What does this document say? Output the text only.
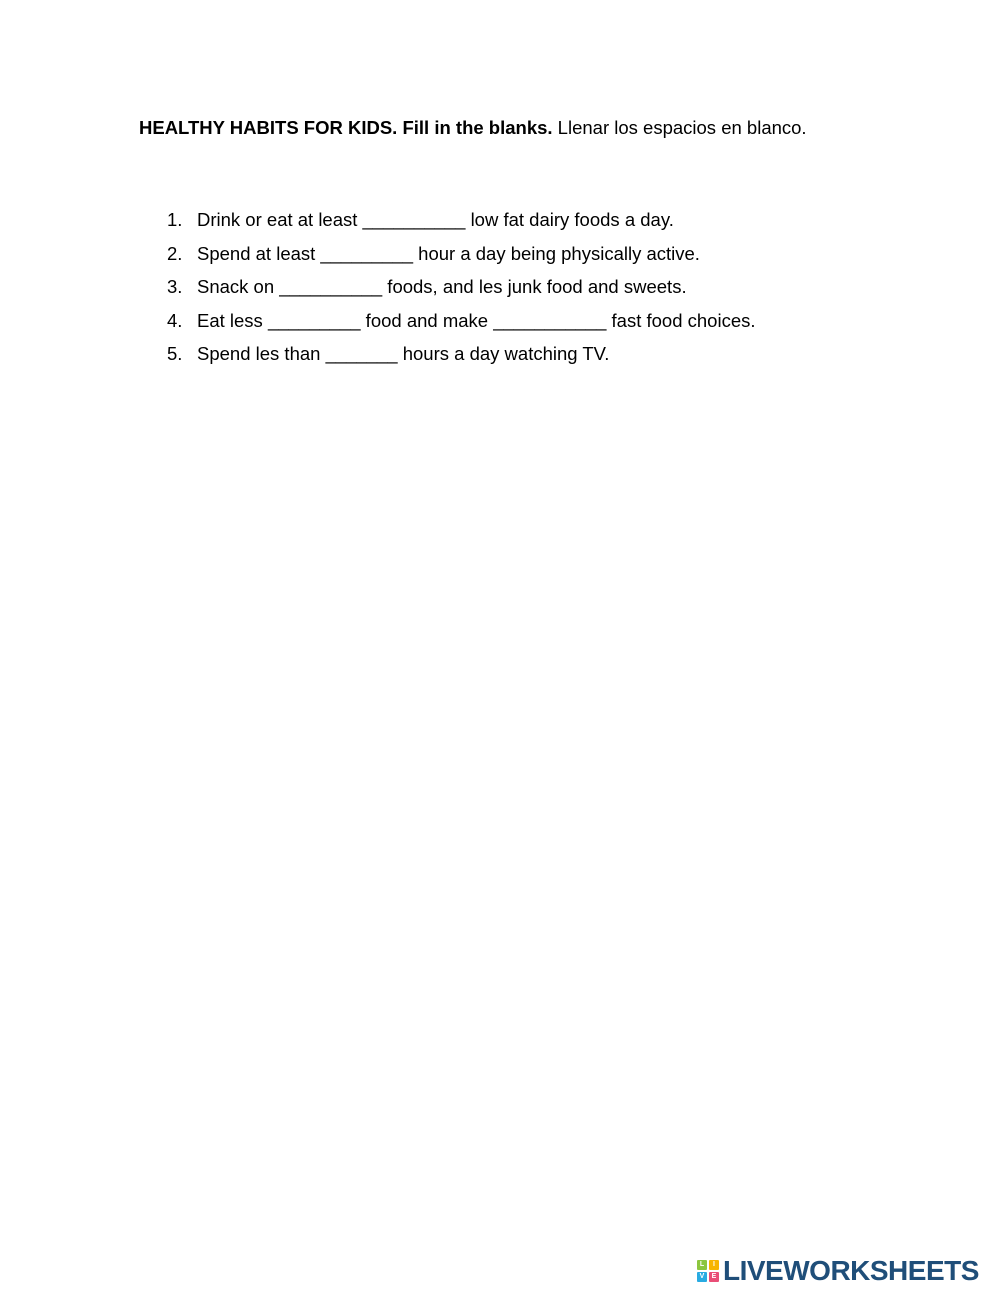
HEALTHY HABITS FOR KIDS. Fill in the blanks. Llenar los espacios en blanco.
1. Drink or eat at least __________ low fat dairy foods a day.
2. Spend at least _________ hour a day being physically active.
3. Snack on __________ foods, and les junk food and sweets.
4. Eat less _________ food and make ___________ fast food choices.
5. Spend les than _______ hours a day watching TV.
L	I
V	E LIVEWORKSHEETS
